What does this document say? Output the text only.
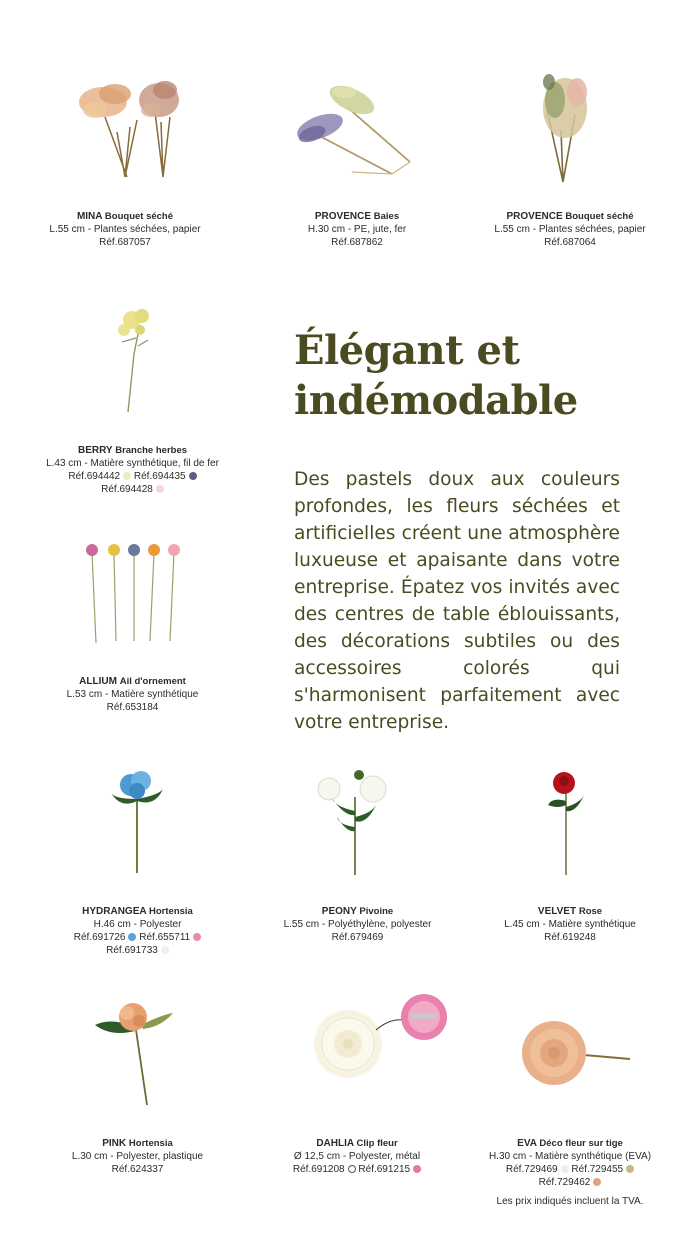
Élégant et
indémodable

Des pastels doux aux couleurs profondes, les fleurs séchées et artificielles créent une atmosphère luxueuse et apaisante dans votre entreprise. Épatez vos invités avec des centres de table éblouissants, des décorations subtiles ou des accessoires colorés qui s'harmonisent parfaitement avec votre entreprise.

MINA Bouquet séché
L.55 cm - Plantes séchées, papier
Réf.687057
PROVENCE Baies
H.30 cm - PE, jute, fer
Réf.687862
PROVENCE Bouquet séché
L.55 cm - Plantes séchées, papier
Réf.687064
BERRY Branche herbes
L.43 cm - Matière synthétique, fil de fer
Réf.694442 Réf.694435
Réf.694428
ALLIUM Ail d'ornement
L.53 cm - Matière synthétique
Réf.653184
HYDRANGEA Hortensia
H.46 cm - Polyester
Réf.691726 Réf.655711
Réf.691733
PEONY Pivoine
L.55 cm - Polyéthylène, polyester
Réf.679469
VELVET Rose
L.45 cm - Matière synthétique
Réf.619248
PINK Hortensia
L.30 cm - Polyester, plastique
Réf.624337
DAHLIA Clip fleur
Ø 12,5 cm - Polyester, métal
Réf.691208 Réf.691215
EVA Déco fleur sur tige
H.30 cm - Matière synthétique (EVA)
Réf.729469 Réf.729455
Réf.729462
Les prix indiqués incluent la TVA.
